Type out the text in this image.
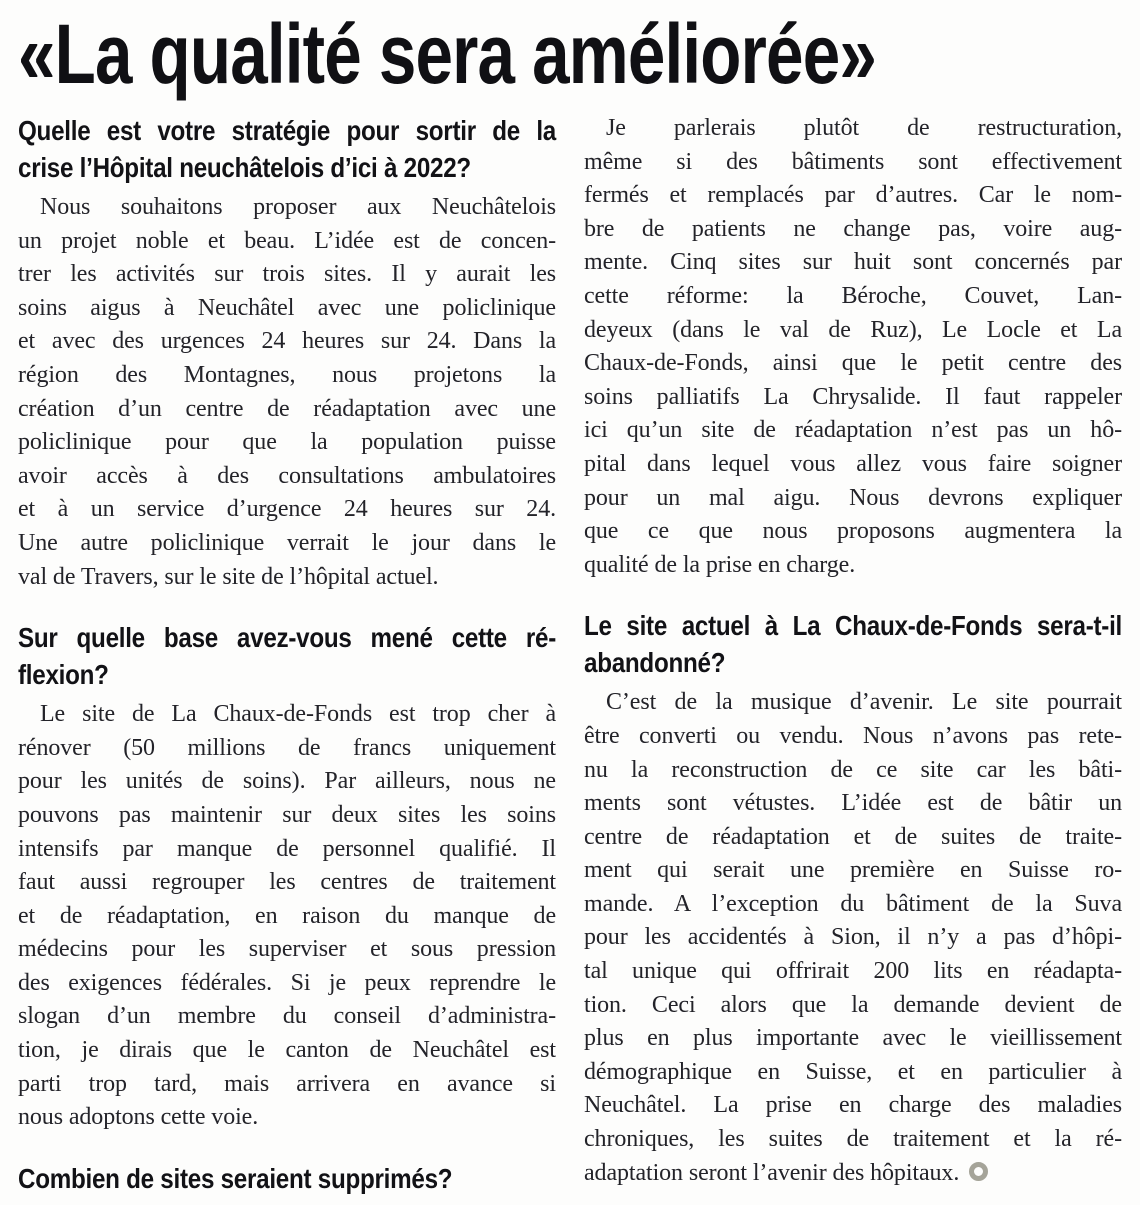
«La qualité sera améliorée»
Quelle est votre stratégie pour sortir de la
crise l’Hôpital neuchâtelois d’ici à 2022?
Nous souhaitons proposer aux Neuchâtelois
un projet noble et beau. L’idée est de concen-
trer les activités sur trois sites. Il y aurait les
soins aigus à Neuchâtel avec une policlinique
et avec des urgences 24 heures sur 24. Dans la
région des Montagnes, nous projetons la
création d’un centre de réadaptation avec une
policlinique pour que la population puisse
avoir accès à des consultations ambulatoires
et à un service d’urgence 24 heures sur 24.
Une autre policlinique verrait le jour dans le
val de Travers, sur le site de l’hôpital actuel.
Sur quelle base avez-vous mené cette ré-
flexion?
Le site de La Chaux-de-Fonds est trop cher à
rénover (50 millions de francs uniquement
pour les unités de soins). Par ailleurs, nous ne
pouvons pas maintenir sur deux sites les soins
intensifs par manque de personnel qualifié. Il
faut aussi regrouper les centres de traitement
et de réadaptation, en raison du manque de
médecins pour les superviser et sous pression
des exigences fédérales. Si je peux reprendre le
slogan d’un membre du conseil d’administra-
tion, je dirais que le canton de Neuchâtel est
parti trop tard, mais arrivera en avance si
nous adoptons cette voie.
Combien de sites seraient supprimés?
Je parlerais plutôt de restructuration,
même si des bâtiments sont effectivement
fermés et remplacés par d’autres. Car le nom-
bre de patients ne change pas, voire aug-
mente. Cinq sites sur huit sont concernés par
cette réforme: la Béroche, Couvet, Lan-
deyeux (dans le val de Ruz), Le Locle et La
Chaux-de-Fonds, ainsi que le petit centre des
soins palliatifs La Chrysalide. Il faut rappeler
ici qu’un site de réadaptation n’est pas un hô-
pital dans lequel vous allez vous faire soigner
pour un mal aigu. Nous devrons expliquer
que ce que nous proposons augmentera la
qualité de la prise en charge.
Le site actuel à La Chaux-de-Fonds sera-t-il
abandonné?
C’est de la musique d’avenir. Le site pourrait
être converti ou vendu. Nous n’avons pas rete-
nu la reconstruction de ce site car les bâti-
ments sont vétustes. L’idée est de bâtir un
centre de réadaptation et de suites de traite-
ment qui serait une première en Suisse ro-
mande. A l’exception du bâtiment de la Suva
pour les accidentés à Sion, il n’y a pas d’hôpi-
tal unique qui offrirait 200 lits en réadapta-
tion. Ceci alors que la demande devient de
plus en plus importante avec le vieillissement
démographique en Suisse, et en particulier à
Neuchâtel. La prise en charge des maladies
chroniques, les suites de traitement et la ré-
adaptation seront l’avenir des hôpitaux.
